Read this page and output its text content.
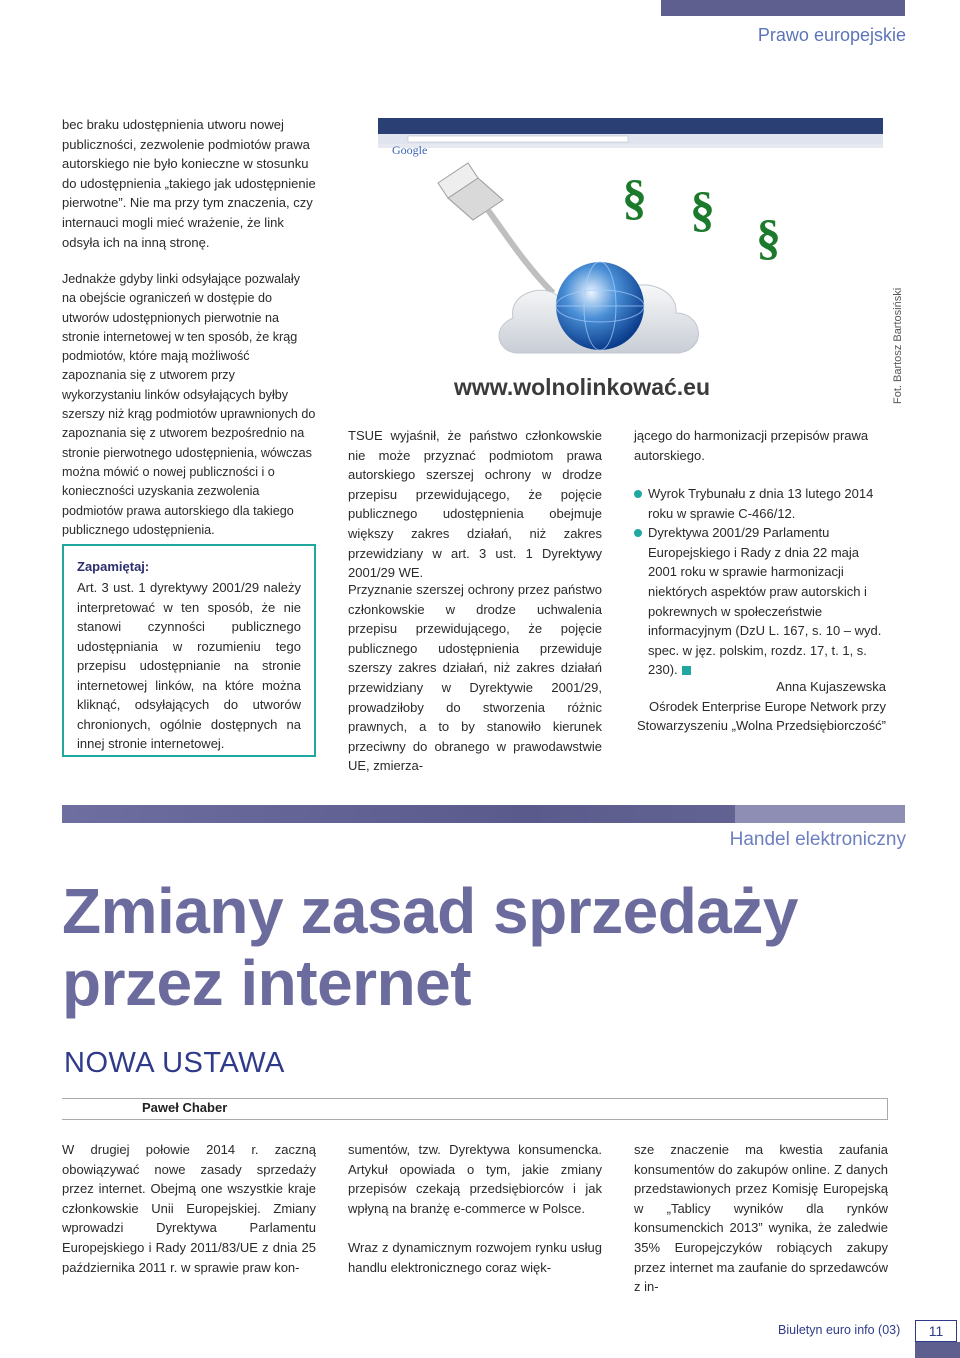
Prawo europejskie
bec braku udostępnienia utworu nowej publiczności, zezwolenie podmiotów prawa autorskiego nie było konieczne w stosunku do udostępnienia „takiego jak udostępnienie pierwotne”. Nie ma przy tym znaczenia, czy internauci mogli mieć wrażenie, że link odsyła ich na inną stronę.
Jednakże gdyby linki odsyłające pozwalały na obejście ograniczeń w dostępie do utworów udostępnionych pierwotnie na stronie internetowej w ten sposób, że krąg podmiotów, które mają możliwość zapoznania się z utworem przy wykorzystaniu linków odsyłających byłby szerszy niż krąg podmiotów uprawnionych do zapoznania się z utworem bezpośrednio na stronie pierwotnego udostępnienia, wówczas można mówić o nowej publiczności i o konieczności uzyskania zezwolenia podmiotów prawa autorskiego dla takiego publicznego udostępnienia.
Zapamiętaj:
Art. 3 ust. 1 dyrektywy 2001/29 należy interpretować w ten sposób, że nie stanowi czynności publicznego udostępniania w rozumieniu tego przepisu udostępnianie na stronie internetowej linków, na które można kliknąć, odsyłających do utworów chronionych, ogólnie dostępnych na innej stronie internetowej.
Google
§ § §
www.wolnolinkować.eu	Fot. Bartosz Bartosiński
TSUE wyjaśnił, że państwo członkowskie nie może przyznać podmiotom prawa autorskiego szerszej ochrony w drodze przepisu przewidującego, że pojęcie publicznego udostępnienia obejmuje większy zakres działań, niż zakres przewidziany w art. 3 ust. 1 Dyrektywy 2001/29 WE.
Przyznanie szerszej ochrony przez państwo członkowskie w drodze uchwalenia przepisu przewidującego, że pojęcie publicznego udostępnienia przewiduje szerszy zakres działań, niż zakres działań przewidziany w Dyrektywie 2001/29, prowadziłoby do stworzenia różnic prawnych, a to by stanowiło kierunek przeciwny do obranego w prawodawstwie UE, zmierza-
jącego do harmonizacji przepisów prawa autorskiego.
Wyrok Trybunału z dnia 13 lutego 2014 roku w sprawie C-466/12.
Dyrektywa 2001/29 Parlamentu Europejskiego i Rady z dnia 22 maja 2001 roku w sprawie harmonizacji niektórych aspektów praw autorskich i pokrewnych w społeczeństwie informacyjnym (DzU L. 167, s. 10 – wyd. spec. w jęz. polskim, rozdz. 17, t. 1, s. 230).
Anna Kujaszewska
Ośrodek Enterprise Europe Network przy
Stowarzyszeniu „Wolna Przedsiębiorczość”
Handel elektroniczny
Zmiany zasad sprzedaży
przez internet
NOWA USTAWA
Paweł Chaber
W drugiej połowie 2014 r. zaczną obowiązywać nowe zasady sprzedaży przez internet. Obejmą one wszystkie kraje członkowskie Unii Europejskiej. Zmiany wprowadzi Dyrektywa Parlamentu Europejskiego i Rady 2011/83/UE z dnia 25 października 2011 r. w sprawie praw kon-
sumentów, tzw. Dyrektywa konsumencka. Artykuł opowiada o tym, jakie zmiany przepisów czekają przedsiębiorców i jak wpłyną na branżę e-commerce w Polsce.
Wraz z dynamicznym rozwojem rynku usług handlu elektronicznego coraz więk-
sze znaczenie ma kwestia zaufania konsumentów do zakupów online. Z danych przedstawionych przez Komisję Europejską w „Tablicy wyników dla rynków konsumenckich 2013” wynika, że zaledwie 35% Europejczyków robiących zakupy przez internet ma zaufanie do sprzedawców z in-
Biuletyn euro info (03)	11
